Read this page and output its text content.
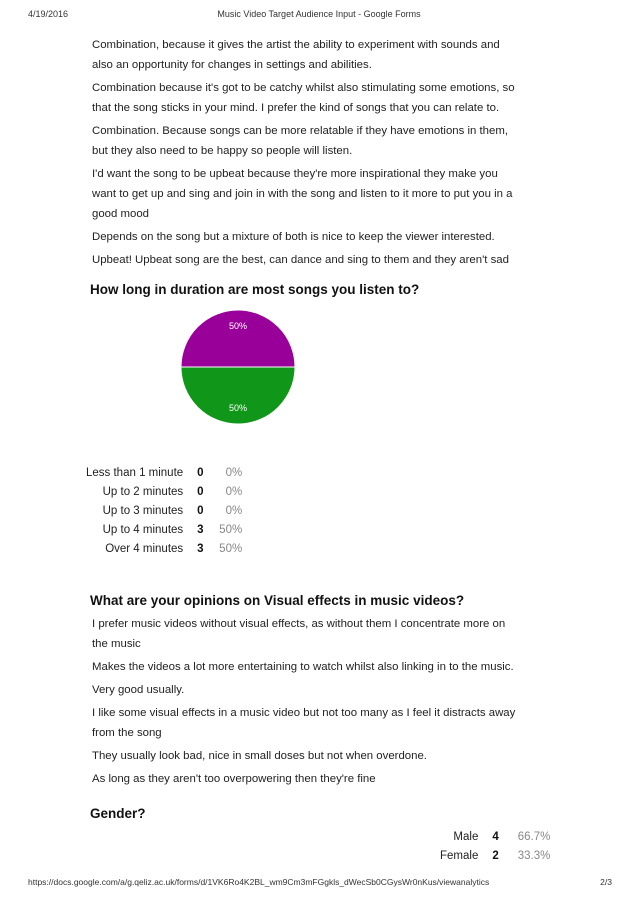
4/19/2016	Music Video Target Audience Input - Google Forms

Combination, because it gives the artist the ability to experiment with sounds and also an opportunity for changes in settings and abilities.

Combination because it's got to be catchy whilst also stimulating some emotions, so that the song sticks in your mind. I prefer the kind of songs that you can relate to.

Combination. Because songs can be more relatable if they have emotions in them, but they also need to be happy so people will listen.

I'd want the song to be upbeat because they're more inspirational they make you want to get up and sing and join in with the song and listen to it more to put you in a good mood

Depends on the song but a mixture of both is nice to keep the viewer interested.

Upbeat! Upbeat song are the best, can dance and sing to them and they aren't sad

How long in duration are most songs you listen to?
50%
50%
Less than 1 minute	0	0%
Up to 2 minutes	0	0%
Up to 3 minutes	0	0%
Up to 4 minutes	3	50%
Over 4 minutes	3	50%
What are your opinions on Visual effects in music videos?

I prefer music videos without visual effects, as without them I concentrate more on the music

Makes the videos a lot more entertaining to watch whilst also linking in to the music.

Very good usually.

I like some visual effects in a music video but not too many as I feel it distracts away from the song

They usually look bad, nice in small doses but not when overdone.

As long as they aren't too overpowering then they're fine

Gender?
Male	4	66.7%
Female	2	33.3%
https://docs.google.com/a/g.qeliz.ac.uk/forms/d/1VK6Ro4K2BL_wm9Cm3mFGgkls_dWecSb0CGysWr0nKus/viewanalytics	2/3
